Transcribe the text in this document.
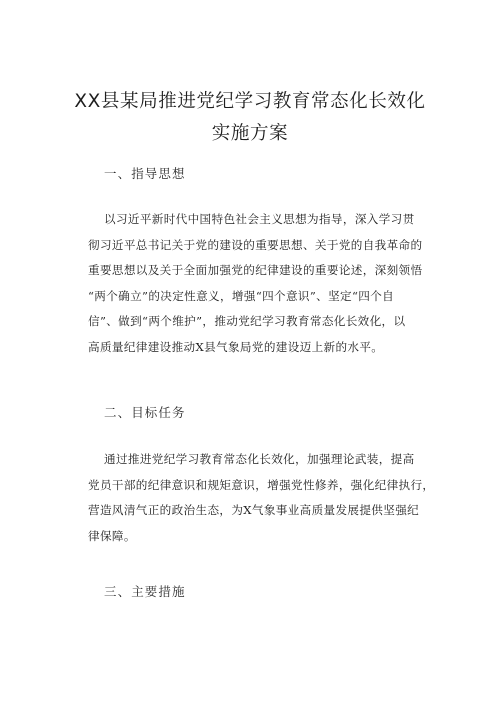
XX县某局推进党纪学习教育常态化长效化
实施方案
一、指导思想
以习近平新时代中国特色社会主义思想为指导，深入学习贯
彻习近平总书记关于党的建设的重要思想、关于党的自我革命的
重要思想以及关于全面加强党的纪律建设的重要论述，深刻领悟
“两个确立”的决定性意义，增强“四个意识”、坚定“四个自
信”、做到“两个维护”，推动党纪学习教育常态化长效化，以
高质量纪律建设推动X县气象局党的建设迈上新的水平。
二、目标任务
通过推进党纪学习教育常态化长效化，加强理论武装，提高
党员干部的纪律意识和规矩意识，增强党性修养，强化纪律执行，
营造风清气正的政治生态，为X气象事业高质量发展提供坚强纪
律保障。
三、主要措施
